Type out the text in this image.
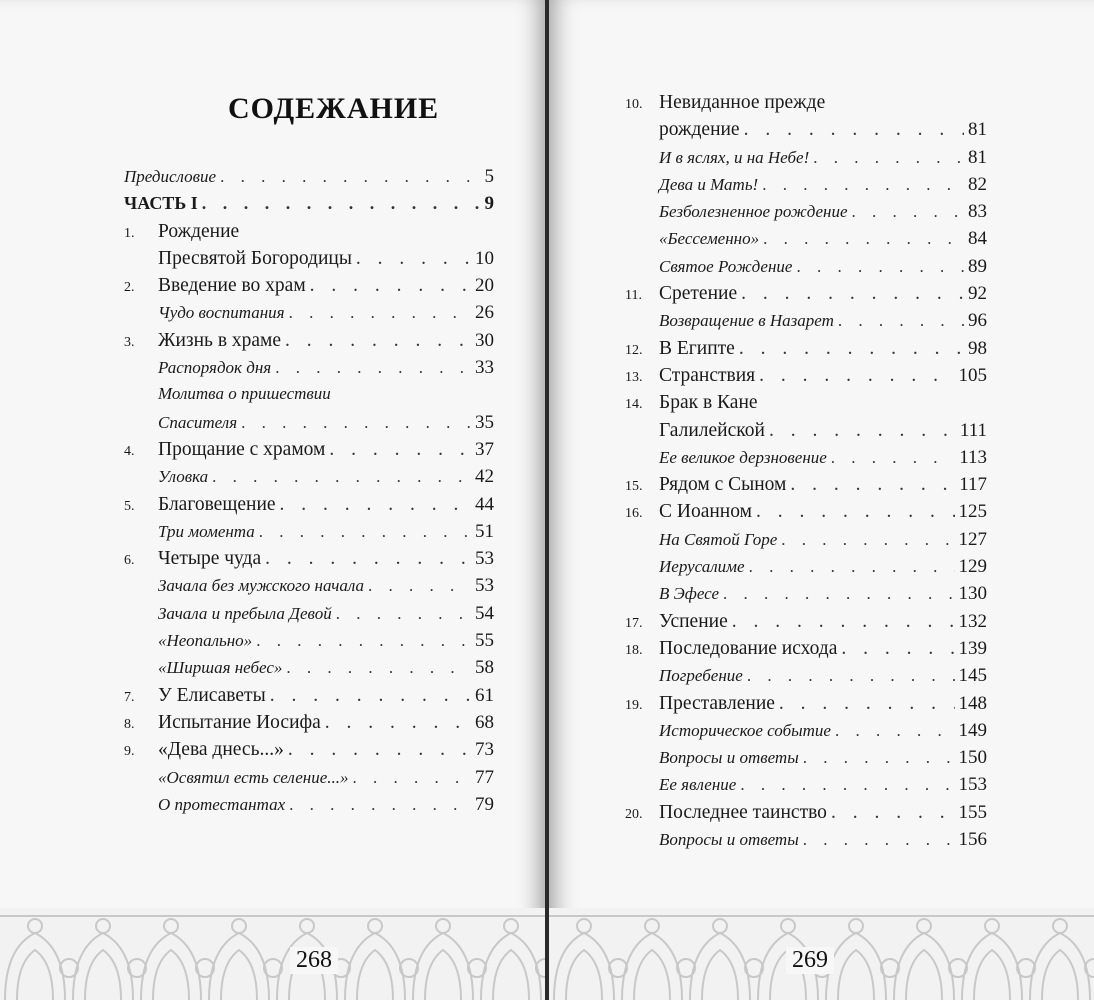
СОДЕЖАНИЕ
Предисловие . . .	5
ЧАСТЬ I . . .	9
1.	Рождение
Пресвятой Богородицы . . .	10
2.	Введение во храм . . .	20
Чудо воспитания . . .	26
3.	Жизнь в храме . . .	30
Распорядок дня . . .	33
Молитва о пришествии
Спасителя . . .	35
4.	Прощание с храмом . . .	37
Уловка . . .	42
5.	Благовещение . . .	44
Три момента . . .	51
6.	Четыре чуда . . .	53
Зачала без мужского начала . . .	53
Зачала и пребыла Девой . . .	54
«Неопально» . . .	55
«Ширшая небес» . . .	58
7.	У Елисаветы . . .	61
8.	Испытание Иосифа . . .	68
9.	«Дева днесь...» . . .	73
«Освятил есть селение...» . . .	77
О протестантах . . .	79
268
10. Невиданное прежде
рождение . . .	81
И в яслях, и на Небе! . . .	81
Дева и Мать! . . .	82
Безболезненное рождение . . .	83
«Бессеменно» . . .	84
Святое Рождение . . .	89
11. Сретение . . .	92
Возвращение в Назарет . . .	96
12. В Египте . . .	98
13. Странствия . . .	105
14. Брак в Кане
Галилейской . . .	111
Ее великое дерзновение . . .	113
15. Рядом с Сыном . . .	117
16. С Иоанном . . .	125
На Святой Горе . . .	127
Иерусалиме . . .	129
В Эфесе . . .	130
17. Успение . . .	132
18. Последование исхода . . .	139
Погребение . . .	145
19. Преставление . . .	148
Историческое событие . . .	149
Вопросы и ответы . . .	150
Ее явление . . .	153
20. Последнее таинство . . .	155
Вопросы и ответы . . .	156
269
